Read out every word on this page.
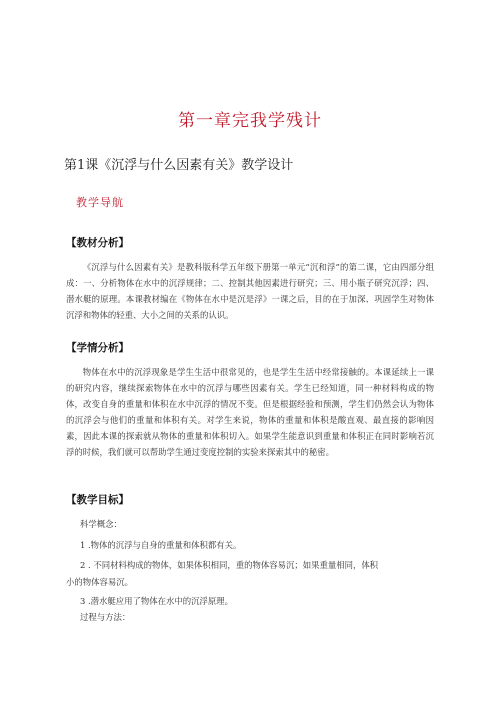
第一章完我学残计
第1课《沉浮与什么因素有关》教学设计
教学导航
【教材分析】

《沉浮与什么因素有关》是教科版科学五年级下册第一单元“沉和浮”的第二课，它由四部分组成：一、分析物体在水中的沉浮规律；二、控制其他因素进行研究；三、用小瓶子研究沉浮；四、潜水艇的原理。本课教材编在《物体在水中是沉是浮》一课之后，目的在于加深、巩固学生对物体沉浮和物体的轻重、大小之间的关系的认识。

【学情分析】

物体在水中的沉浮现象是学生生活中很常见的，也是学生生活中经常接触的。本课延续上一课的研究内容，继续探索物体在水中的沉浮与哪些因素有关。学生已经知道，同一种材料构成的物体，改变自身的重量和体积在水中沉浮的情况不变。但是根据经验和预测，学生们仍然会认为物体的沉浮会与他们的重量和体积有关。对学生来说，物体的重量和体积是酸直观、最直接的影响因素，因此本课的探索就从物体的重量和体积切入。如果学生能意识到重量和体积正在同时影响若沉浮的时候，我们就可以帮助学生通过变度控制的实验来探索其中的秘密。

【教学目标】
科学概念：
1 .物体的沉浮与自身的重量和体积都有关。
2 . 不同材料构成的物体，如果体积相同，重的物体容易沉；如果重量相同，体积
小的物体容易沉。
3 .潜水艇应用了物体在水中的沉浮原理。
过程与方法：
